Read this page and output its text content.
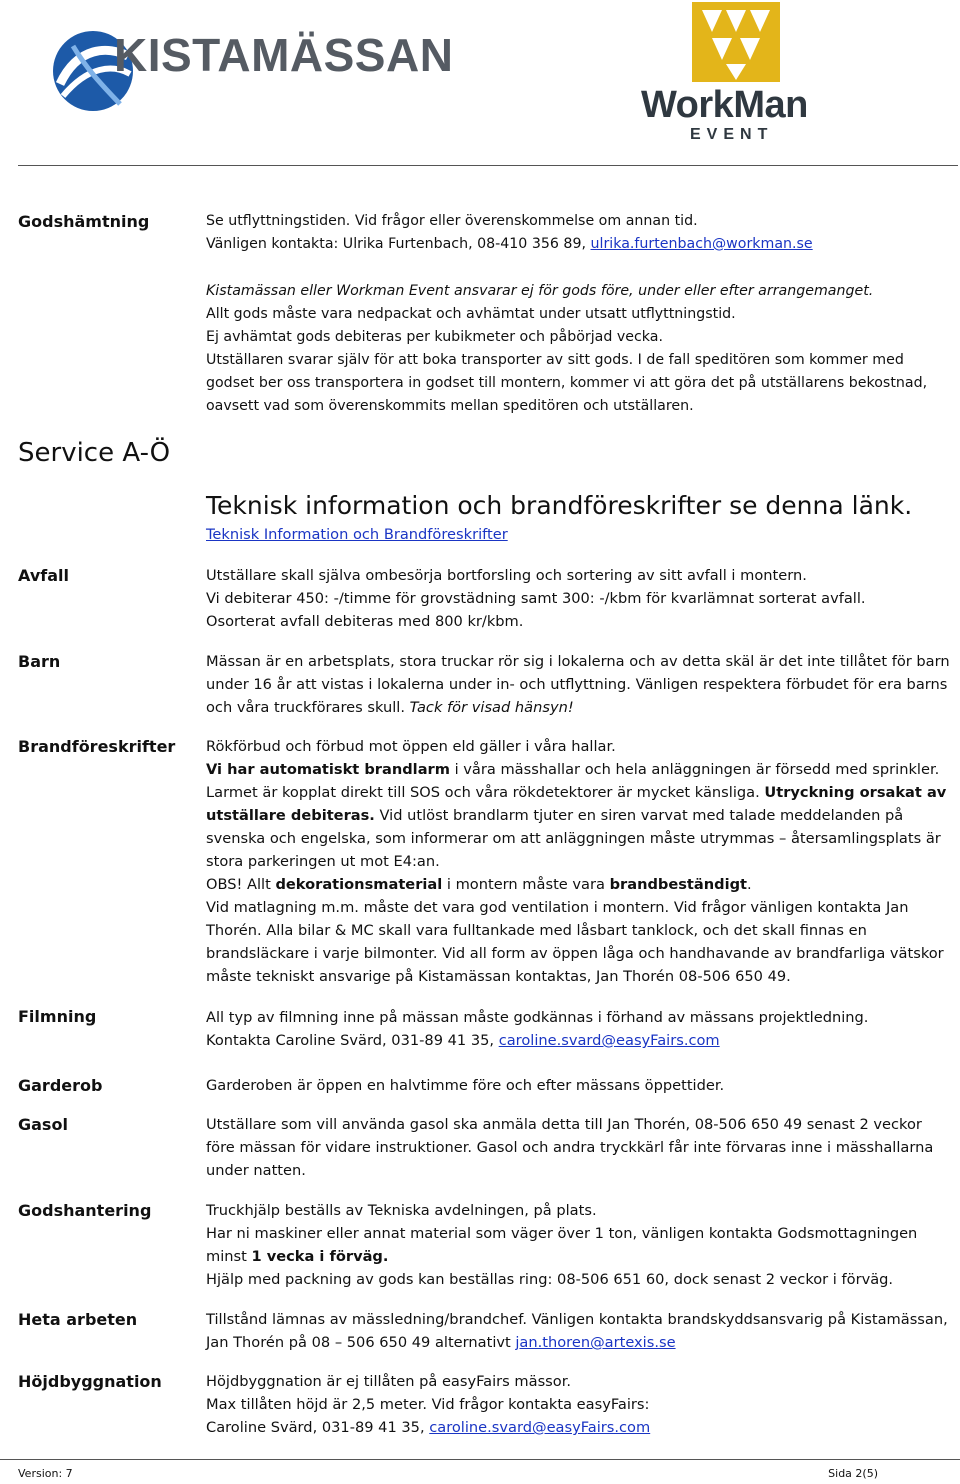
KISTAMÄSSAN
WorkMan
EVENT
Godshämtning	Se utflyttningstiden. Vid frågor eller överenskommelse om annan tid.

Vänligen kontakta: Ulrika Furtenbach, 08-410 356 89, ulrika.furtenbach@workman.se

Kistamässan eller Workman Event ansvarar ej för gods före, under eller efter arrangemanget.

Allt gods måste vara nedpackat och avhämtat under utsatt utflyttningstid.

Ej avhämtat gods debiteras per kubikmeter och påbörjad vecka.

Utställaren svarar själv för att boka transporter av sitt gods. I de fall speditören som kommer med godset ber oss transportera in godset till montern, kommer vi att göra det på utställarens bekostnad, oavsett vad som överenskommits mellan speditören och utställaren.

Service A-Ö
Teknisk information och brandföreskrifter se denna länk.
Teknisk Information och Brandföreskrifter
Avfall	Utställare skall själva ombesörja bortforsling och sortering av sitt avfall i montern.

Vi debiterar 450: -/timme för grovstädning samt 300: -/kbm för kvarlämnat sorterat avfall.

Osorterat avfall debiteras med 800 kr/kbm.

Barn	Mässan är en arbetsplats, stora truckar rör sig i lokalerna och av detta skäl är det inte tillåtet för barn under 16 år att vistas i lokalerna under in- och utflyttning. Vänligen respektera förbudet för era barns och våra truckförares skull. Tack för visad hänsyn!

Brandföreskrifter Rökförbud och förbud mot öppen eld gäller i våra hallar.

Vi har automatiskt brandlarm i våra mässhallar och hela anläggningen är försedd med sprinkler.

Larmet är kopplat direkt till SOS och våra rökdetektorer är mycket känsliga. Utryckning orsakat av utställare debiteras. Vid utlöst brandlarm tjuter en siren varvat med talade meddelanden på svenska och engelska, som informerar om att anläggningen måste utrymmas – återsamlingsplats är stora parkeringen ut mot E4:an.

OBS! Allt dekorationsmaterial i montern måste vara brandbeständigt.

Vid matlagning m.m. måste det vara god ventilation i montern. Vid frågor vänligen kontakta Jan Thorén. Alla bilar & MC skall vara fulltankade med låsbart tanklock, och det skall finnas en brandsläckare i varje bilmonter. Vid all form av öppen låga och handhavande av brandfarliga vätskor måste tekniskt ansvarige på Kistamässan kontaktas, Jan Thorén 08-506 650 49.

Filmning	All typ av filmning inne på mässan måste godkännas i förhand av mässans projektledning.

Kontakta Caroline Svärd, 031-89 41 35, caroline.svard@easyFairs.com

Garderob	Garderoben är öppen en halvtimme före och efter mässans öppettider.
Gasol	Utställare som vill använda gasol ska anmäla detta till Jan Thorén, 08-506 650 49 senast 2 veckor före mässan för vidare instruktioner. Gasol och andra tryckkärl får inte förvaras inne i mässhallarna under natten.
Godshantering	Truckhjälp beställs av Tekniska avdelningen, på plats.

Har ni maskiner eller annat material som väger över 1 ton, vänligen kontakta Godsmottagningen minst 1 vecka i förväg.

Hjälp med packning av gods kan beställas ring: 08-506 651 60, dock senast 2 veckor i förväg.

Heta arbeten	Tillstånd lämnas av mässledning/brandchef. Vänligen kontakta brandskyddsansvarig på Kistamässan, Jan Thorén på 08 – 506 650 49 alternativt jan.thoren@artexis.se

Höjdbyggnation	Höjdbyggnation är ej tillåten på easyFairs mässor.

Max tillåten höjd är 2,5 meter. Vid frågor kontakta easyFairs:

Caroline Svärd, 031-89 41 35, caroline.svard@easyFairs.com

Version: 7	Sida 2(5)
